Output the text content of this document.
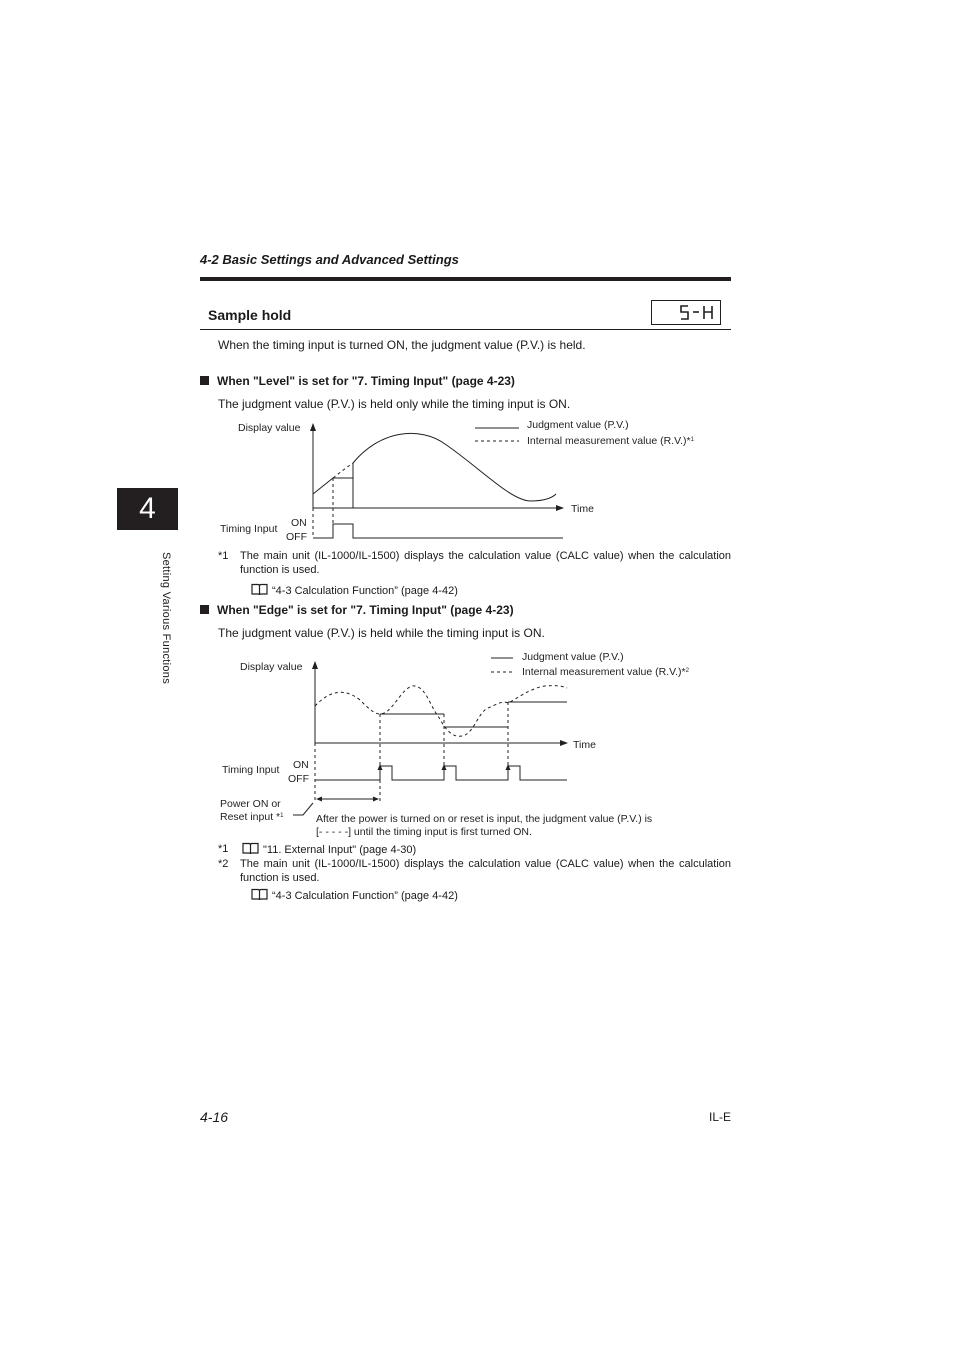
4-2 Basic Settings and Advanced Settings
Sample hold
When the timing input is turned ON, the judgment value (P.V.) is held.
4
Setting Various Functions
When "Level" is set for "7. Timing Input" (page 4-23)
The judgment value (P.V.) is held only while the timing input is ON.
Display value	Judgment value (P.V.)
Internal measurement value (R.V.)*$^1$
Time
Timing Input ON
OFF
*1	The main unit (IL-1000/IL-1500) displays the calculation value (CALC value) when the calculation function is used.
“4-3 Calculation Function” (page 4-42)
When "Edge" is set for "7. Timing Input" (page 4-23)
The judgment value (P.V.) is held while the timing input is ON.
Display value
Judgment value (P.V.)
Internal measurement value (R.V.)*$^2$
Time
Timing Input ON
OFF
Power ON or
Reset input *$^1$	After the power is turned on or reset is input, the judgment value (P.V.) is
[- - - - -] until the timing input is first turned ON.
*1	"11. External Input" (page 4-30)
*2	The main unit (IL-1000/IL-1500) displays the calculation value (CALC value) when the calculation function is used.
“4-3 Calculation Function” (page 4-42)
4-16	IL-E
